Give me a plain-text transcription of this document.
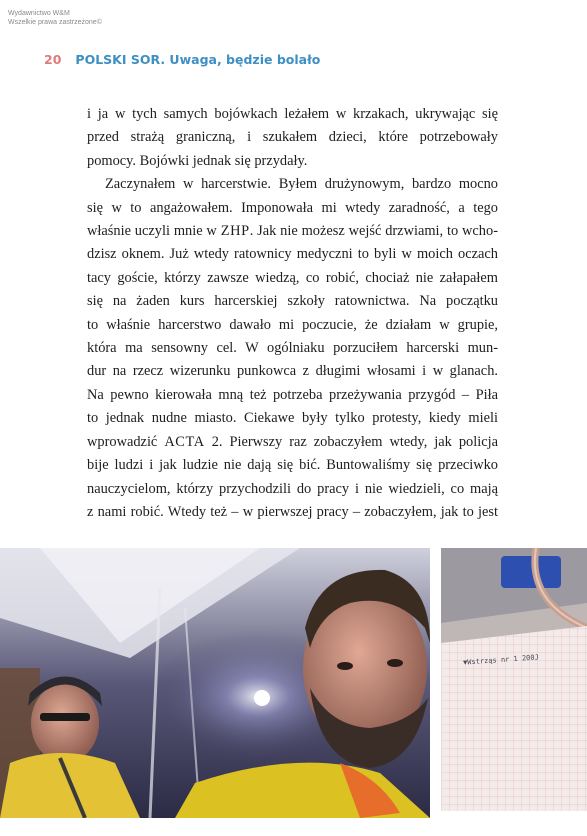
Wydawnictwo W&M
Wszelkie prawa zastrzeżone©
20 POLSKI SOR. Uwaga, będzie bolało
i ja w tych samych bojówkach leżałem w krzakach, ukrywając się
przed strażą graniczną, i szukałem dzieci, które potrzebowały
pomocy. Bojówki jednak się przydały.
Zaczynałem w harcerstwie. Byłem drużynowym, bardzo mocno
się w to angażowałem. Imponowała mi wtedy zaradność, a tego
właśnie uczyli mnie w ZHP. Jak nie możesz wejść drzwiami, to wcho-
dzisz oknem. Już wtedy ratownicy medyczni to byli w moich oczach
tacy goście, którzy zawsze wiedzą, co robić, chociaż nie załapałem
się na żaden kurs harcerskiej szkoły ratownictwa. Na początku
to właśnie harcerstwo dawało mi poczucie, że działam w grupie,
która ma sensowny cel. W ogólniaku porzuciłem harcerski mun-
dur na rzecz wizerunku punkowca z długimi włosami i w glanach.
Na pewno kierowała mną też potrzeba przeżywania przygód – Piła
to jednak nudne miasto. Ciekawe były tylko protesty, kiedy mieli
wprowadzić ACTA 2. Pierwszy raz zobaczyłem wtedy, jak policja
bije ludzi i jak ludzie nie dają się bić. Buntowaliśmy się przeciwko
nauczycielom, którzy przychodzili do pracy i nie wiedzieli, co mają
z nami robić. Wtedy też – w pierwszej pracy – zobaczyłem, jak to jest
▼Wstrząs nr 1 200J
